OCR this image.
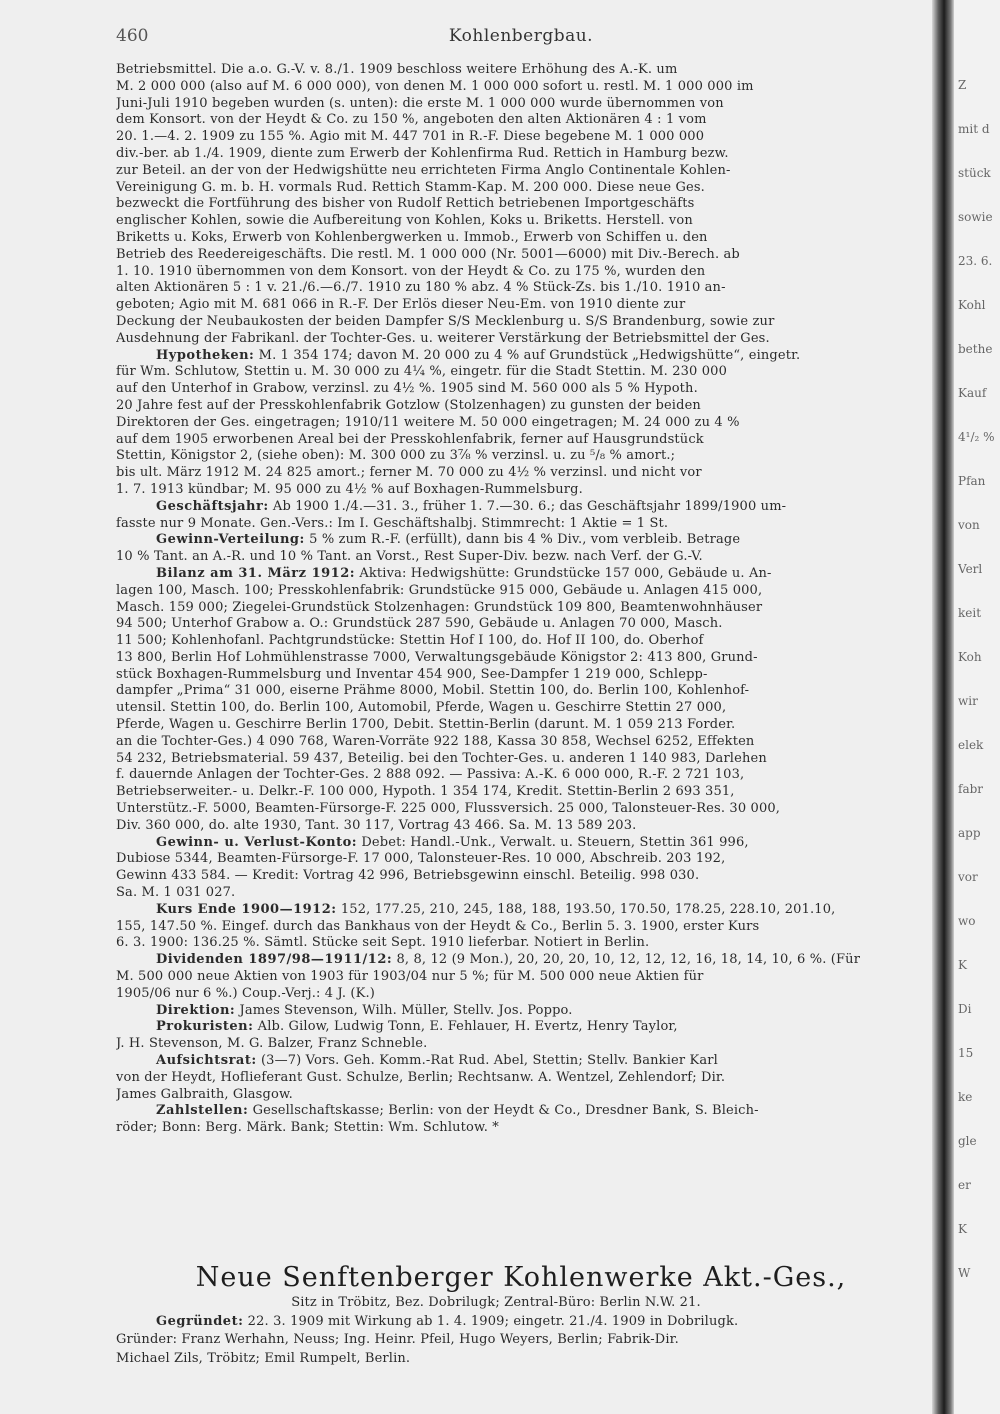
460	Kohlenbergbau.
Betriebsmittel. Die a.o. G.-V. v. 8./1. 1909 beschloss weitere Erhöhung des A.-K. um
M. 2 000 000 (also auf M. 6 000 000), von denen M. 1 000 000 sofort u. restl. M. 1 000 000 im
Juni-Juli 1910 begeben wurden (s. unten): die erste M. 1 000 000 wurde übernommen von
dem Konsort. von der Heydt & Co. zu 150 %, angeboten den alten Aktionären 4 : 1 vom
20. 1.—4. 2. 1909 zu 155 %. Agio mit M. 447 701 in R.-F. Diese begebene M. 1 000 000
div.-ber. ab 1./4. 1909, diente zum Erwerb der Kohlenfirma Rud. Rettich in Hamburg bezw.
zur Beteil. an der von der Hedwigshütte neu errichteten Firma Anglo Continentale Kohlen-
Vereinigung G. m. b. H. vormals Rud. Rettich Stamm-Kap. M. 200 000. Diese neue Ges.
bezweckt die Fortführung des bisher von Rudolf Rettich betriebenen Importgeschäfts
englischer Kohlen, sowie die Aufbereitung von Kohlen, Koks u. Briketts. Herstell. von
Briketts u. Koks, Erwerb von Kohlenbergwerken u. Immob., Erwerb von Schiffen u. den
Betrieb des Reedereigeschäfts. Die restl. M. 1 000 000 (Nr. 5001—6000) mit Div.-Berech. ab
1. 10. 1910 übernommen von dem Konsort. von der Heydt & Co. zu 175 %, wurden den
alten Aktionären 5 : 1 v. 21./6.—6./7. 1910 zu 180 % abz. 4 % Stück-Zs. bis 1./10. 1910 an-
geboten; Agio mit M. 681 066 in R.-F. Der Erlös dieser Neu-Em. von 1910 diente zur
Deckung der Neubaukosten der beiden Dampfer S/S Mecklenburg u. S/S Brandenburg, sowie zur
Ausdehnung der Fabrikanl. der Tochter-Ges. u. weiterer Verstärkung der Betriebsmittel der Ges.
Hypotheken: M. 1 354 174; davon M. 20 000 zu 4 % auf Grundstück „Hedwigshütte“, eingetr.
für Wm. Schlutow, Stettin u. M. 30 000 zu 4¼ %, eingetr. für die Stadt Stettin. M. 230 000
auf den Unterhof in Grabow, verzinsl. zu 4½ %. 1905 sind M. 560 000 als 5 % Hypoth.
20 Jahre fest auf der Presskohlenfabrik Gotzlow (Stolzenhagen) zu gunsten der beiden
Direktoren der Ges. eingetragen; 1910/11 weitere M. 50 000 eingetragen; M. 24 000 zu 4 %
auf dem 1905 erworbenen Areal bei der Presskohlenfabrik, ferner auf Hausgrundstück
Stettin, Königstor 2, (siehe oben): M. 300 000 zu 3⅞ % verzinsl. u. zu ⁵/₈ % amort.;
bis ult. März 1912 M. 24 825 amort.; ferner M. 70 000 zu 4½ % verzinsl. und nicht vor
1. 7. 1913 kündbar; M. 95 000 zu 4½ % auf Boxhagen-Rummelsburg.
Geschäftsjahr: Ab 1900 1./4.—31. 3., früher 1. 7.—30. 6.; das Geschäftsjahr 1899/1900 um-
fasste nur 9 Monate. Gen.-Vers.: Im I. Geschäftshalbj. Stimmrecht: 1 Aktie = 1 St.
Gewinn-Verteilung: 5 % zum R.-F. (erfüllt), dann bis 4 % Div., vom verbleib. Betrage
10 % Tant. an A.-R. und 10 % Tant. an Vorst., Rest Super-Div. bezw. nach Verf. der G.-V.
Bilanz am 31. März 1912: Aktiva: Hedwigshütte: Grundstücke 157 000, Gebäude u. An-
lagen 100, Masch. 100; Presskohlenfabrik: Grundstücke 915 000, Gebäude u. Anlagen 415 000,
Masch. 159 000; Ziegelei-Grundstück Stolzenhagen: Grundstück 109 800, Beamtenwohnhäuser
94 500; Unterhof Grabow a. O.: Grundstück 287 590, Gebäude u. Anlagen 70 000, Masch.
11 500; Kohlenhofanl. Pachtgrundstücke: Stettin Hof I 100, do. Hof II 100, do. Oberhof
13 800, Berlin Hof Lohmühlenstrasse 7000, Verwaltungsgebäude Königstor 2: 413 800, Grund-
stück Boxhagen-Rummelsburg und Inventar 454 900, See-Dampfer 1 219 000, Schlepp-
dampfer „Prima“ 31 000, eiserne Prähme 8000, Mobil. Stettin 100, do. Berlin 100, Kohlenhof-
utensil. Stettin 100, do. Berlin 100, Automobil, Pferde, Wagen u. Geschirre Stettin 27 000,
Pferde, Wagen u. Geschirre Berlin 1700, Debit. Stettin-Berlin (darunt. M. 1 059 213 Forder.
an die Tochter-Ges.) 4 090 768, Waren-Vorräte 922 188, Kassa 30 858, Wechsel 6252, Effekten
54 232, Betriebsmaterial. 59 437, Beteilig. bei den Tochter-Ges. u. anderen 1 140 983, Darlehen
f. dauernde Anlagen der Tochter-Ges. 2 888 092. — Passiva: A.-K. 6 000 000, R.-F. 2 721 103,
Betriebserweiter.- u. Delkr.-F. 100 000, Hypoth. 1 354 174, Kredit. Stettin-Berlin 2 693 351,
Unterstütz.-F. 5000, Beamten-Fürsorge-F. 225 000, Flussversich. 25 000, Talonsteuer-Res. 30 000,
Div. 360 000, do. alte 1930, Tant. 30 117, Vortrag 43 466. Sa. M. 13 589 203.
Gewinn- u. Verlust-Konto: Debet: Handl.-Unk., Verwalt. u. Steuern, Stettin 361 996,
Dubiose 5344, Beamten-Fürsorge-F. 17 000, Talonsteuer-Res. 10 000, Abschreib. 203 192,
Gewinn 433 584. — Kredit: Vortrag 42 996, Betriebsgewinn einschl. Beteilig. 998 030.
Sa. M. 1 031 027.
Kurs Ende 1900—1912: 152, 177.25, 210, 245, 188, 188, 193.50, 170.50, 178.25, 228.10, 201.10,
155, 147.50 %. Eingef. durch das Bankhaus von der Heydt & Co., Berlin 5. 3. 1900, erster Kurs
6. 3. 1900: 136.25 %. Sämtl. Stücke seit Sept. 1910 lieferbar. Notiert in Berlin.
Dividenden 1897/98—1911/12: 8, 8, 12 (9 Mon.), 20, 20, 20, 10, 12, 12, 12, 16, 18, 14, 10, 6 %. (Für
M. 500 000 neue Aktien von 1903 für 1903/04 nur 5 %; für M. 500 000 neue Aktien für
1905/06 nur 6 %.) Coup.-Verj.: 4 J. (K.)
Direktion: James Stevenson, Wilh. Müller, Stellv. Jos. Poppo.
Prokuristen: Alb. Gilow, Ludwig Tonn, E. Fehlauer, H. Evertz, Henry Taylor,
J. H. Stevenson, M. G. Balzer, Franz Schneble.
Aufsichtsrat: (3—7) Vors. Geh. Komm.-Rat Rud. Abel, Stettin; Stellv. Bankier Karl
von der Heydt, Hoflieferant Gust. Schulze, Berlin; Rechtsanw. A. Wentzel, Zehlendorf; Dir.
James Galbraith, Glasgow.
Zahlstellen: Gesellschaftskasse; Berlin: von der Heydt & Co., Dresdner Bank, S. Bleich-
röder; Bonn: Berg. Märk. Bank; Stettin: Wm. Schlutow. *
Neue Senftenberger Kohlenwerke Akt.-Ges.,
Sitz in Tröbitz, Bez. Dobrilugk; Zentral-Büro: Berlin N.W. 21.
Gegründet: 22. 3. 1909 mit Wirkung ab 1. 4. 1909; eingetr. 21./4. 1909 in Dobrilugk.
Gründer: Franz Werhahn, Neuss; Ing. Heinr. Pfeil, Hugo Weyers, Berlin; Fabrik-Dir.
Michael Zils, Tröbitz; Emil Rumpelt, Berlin.
Z
mit d
stück
sowie
23. 6.
Kohl
bethe
Kauf
4¹/₂ %
Pfan
von
Verl
keit
Koh
wir
elek
fabr
app
vor
wo
K
Di
15
ke
gle
er
K
W
